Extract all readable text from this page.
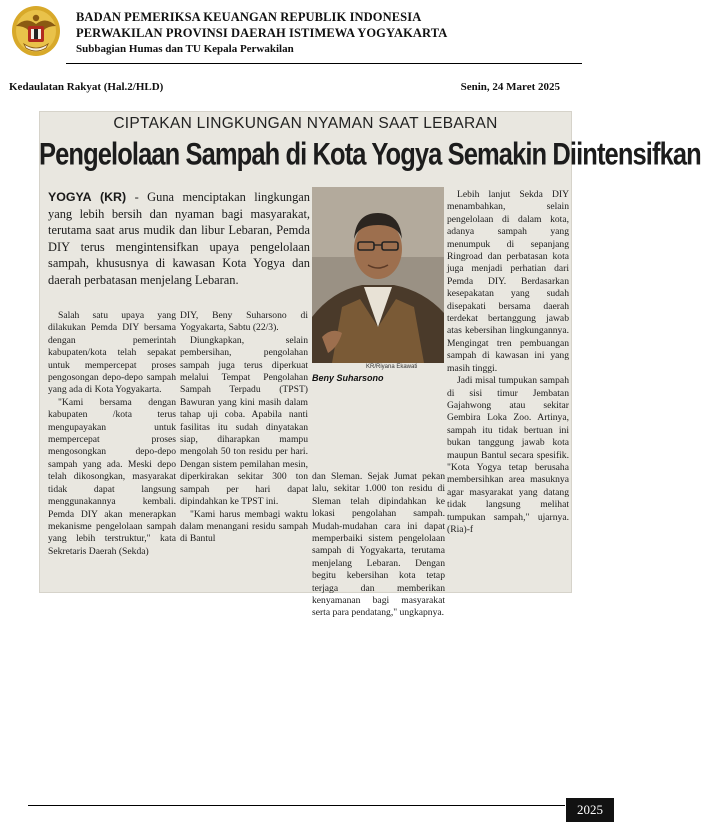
BADAN PEMERIKSA KEUANGAN REPUBLIK INDONESIA
PERWAKILAN PROVINSI DAERAH ISTIMEWA YOGYAKARTA
Subbagian Humas dan TU Kepala Perwakilan
Kedaulatan Rakyat (Hal.2/HLD)	Senin, 24 Maret 2025
CIPTAKAN LINGKUNGAN NYAMAN SAAT LEBARAN
Pengelolaan Sampah di Kota Yogya Semakin Diintensifkan
YOGYA (KR) - Guna menciptakan lingkungan yang lebih bersih dan nyaman bagi masyarakat, terutama saat arus mudik dan libur Lebaran, Pemda DIY terus mengintensifkan upaya pengelolaan sampah, khususnya di kawasan Kota Yogya dan daerah perbatasan menjelang Lebaran.

Salah satu upaya yang dilakukan Pemda DIY bersama dengan pemerintah kabupaten/kota telah sepakat untuk mempercepat proses pengosongan depo-depo sampah yang ada di Kota Yogyakarta.

"Kami bersama dengan kabupaten /kota terus mengupayakan untuk mempercepat proses mengosongkan depo-depo sampah yang ada. Meski depo telah dikosongkan, masyarakat tidak dapat langsung menggunakannya kembali. Pemda DIY akan menerapkan mekanisme pengelolaan sampah yang lebih terstruktur," kata Sekretaris Daerah (Sekda)

DIY, Beny Suharsono di Yogyakarta, Sabtu (22/3).

Diungkapkan, selain pembersihan, pengolahan sampah juga terus diperkuat melalui Tempat Pengolahan Sampah Terpadu (TPST) Bawuran yang kini masih dalam tahap uji coba. Apabila nanti fasilitas itu sudah dinyatakan siap, diharapkan mampu mengolah 50 ton residu per hari. Dengan sistem pemilahan mesin, diperkirakan sekitar 300 ton sampah per hari dapat dipindahkan ke TPST ini.

"Kami harus membagi waktu dalam menangani residu sampah di Bantul

KR/Riyana Ekawati
Beny Suharsono

dan Sleman. Sejak Jumat pekan lalu, sekitar 1.000 ton residu di Sleman telah dipindahkan ke lokasi pengolahan sampah. Mudah-mudahan cara ini dapat memperbaiki sistem pengelolaan sampah di Yogyakarta, terutama menjelang Lebaran. Dengan begitu kebersihan kota tetap terjaga dan memberikan kenyamanan bagi masyarakat serta para pendatang," ungkapnya.

Lebih lanjut Sekda DIY menambahkan, selain pengelolaan di dalam kota, adanya sampah yang menumpuk di sepanjang Ringroad dan perbatasan kota juga menjadi perhatian dari Pemda DIY. Berdasarkan kesepakatan yang sudah disepakati bersama daerah terdekat bertanggung jawab atas kebersihan lingkungannya. Mengingat tren pembuangan sampah di kawasan ini yang masih tinggi.

Jadi misal tumpukan sampah di sisi timur Jembatan Gajahwong atau sekitar Gembira Loka Zoo. Artinya, sampah itu tidak bertuan ini bukan tanggung jawab kota maupun Bantul secara spesifik. "Kota Yogya tetap berusaha membersihkan area masuknya agar masyarakat yang datang tidak langsung melihat tumpukan sampah," ujarnya. (Ria)-f

2025
